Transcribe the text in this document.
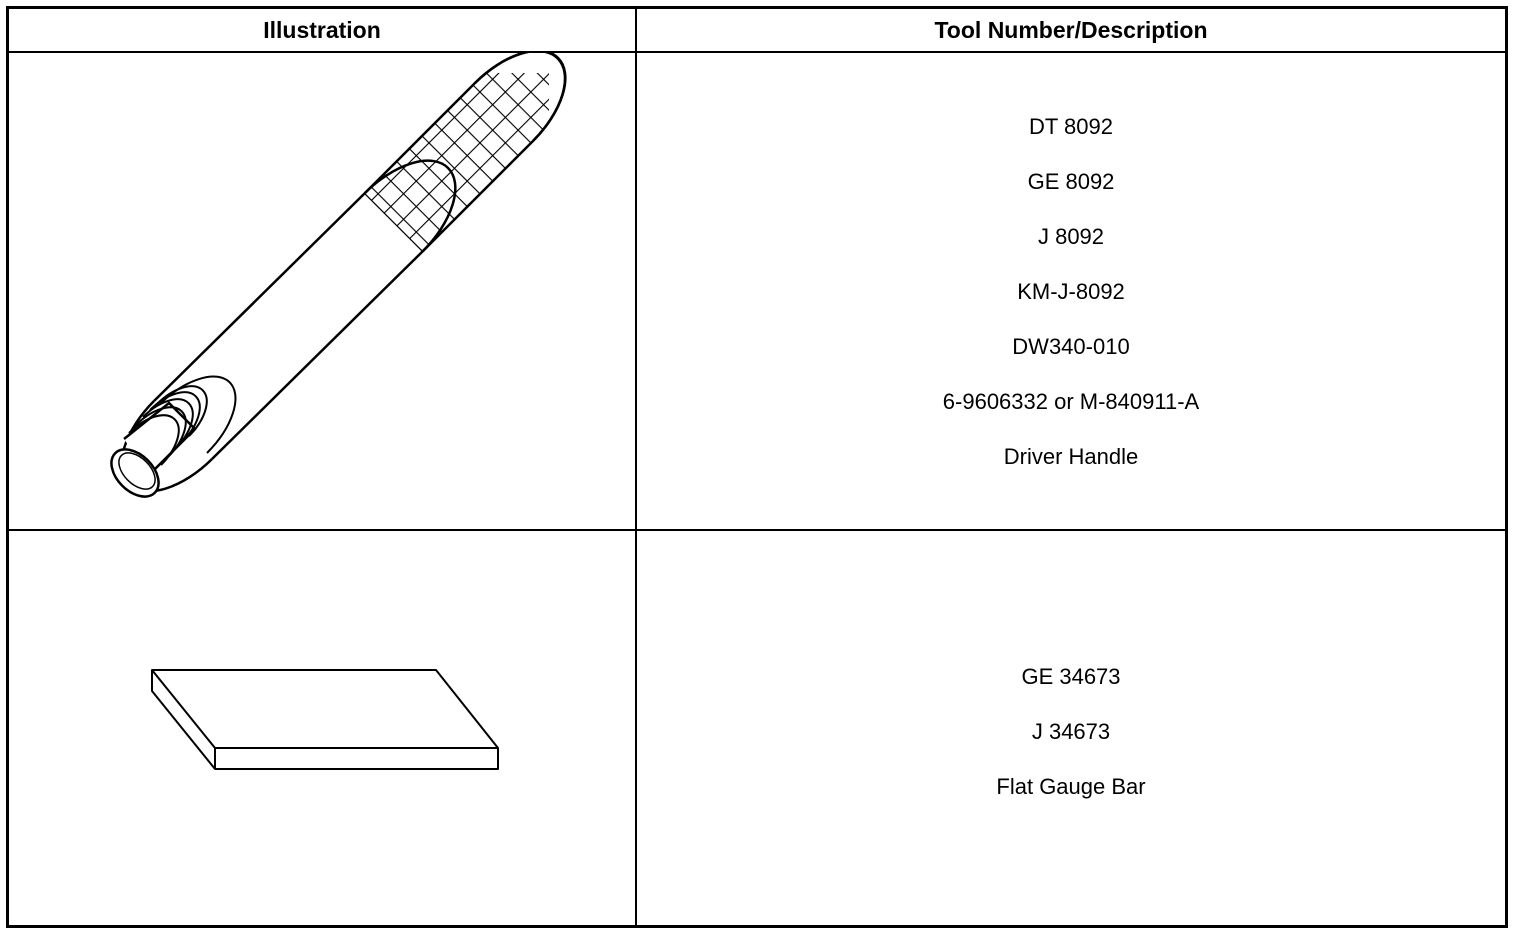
Illustration	Tool Number/Description
DT 8092
GE 8092
J 8092
KM-J-8092
DW340-010
6-9606332 or M-840911-A
Driver Handle
GE 34673
J 34673
Flat Gauge Bar
